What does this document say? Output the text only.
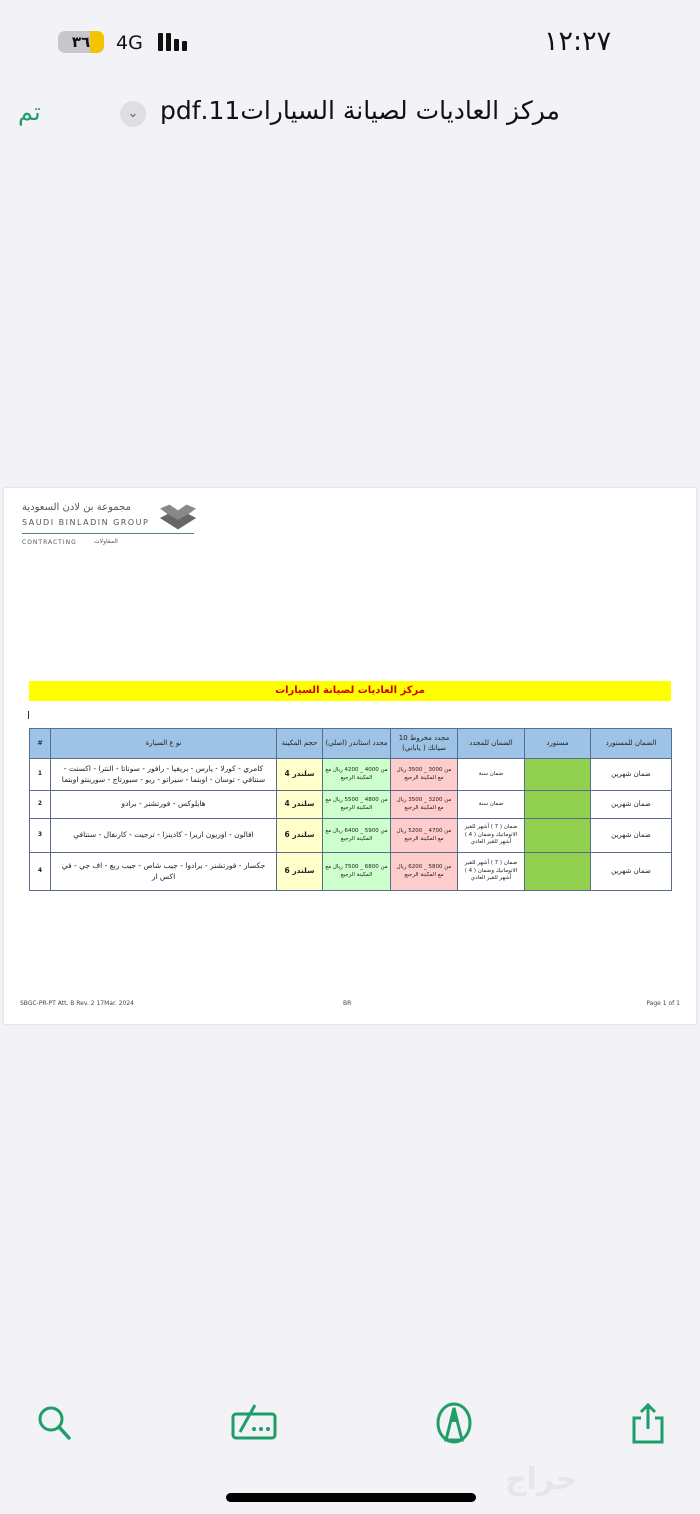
٣٦	4G	١٢:٢٧
تم	⌄ مركز العاديات لصيانة السيارات11.pdf
مجموعة بن لادن السعودية
SAUDI BINLADIN GROUP
CONTRACTING	المقاولات
مركز العاديات لصيانة السيارات
#	نو ع السيارة	حجم المكينة	مجدد استاندر (اصلي)	مجدد مخروط 10 سيانك ( ياباني)	الضمان للمجدد	مستورد	الضمان للمستورد
1	كامري - كورلا - يارس - بريفيا - رافور - سوناتا - النترا - اكسنت - سنتافي - توسان - اوبتما - سيراتو - ريو - سبورتاج - سورينتو اوبتما	سلندر 4	من 4000 _ 4200 ريال مع المكينة الرجيع	من 3000 _ 3500 ريال مع المكينة الرجيع	ضمان سنة		ضمان شهرين
2	هايلوكس - فورتشنر - برادو	سلندر 4	من 4800 _ 5500 ريال مع المكينة الرجيع	من 3200 _ 3500 ريال مع المكينة الرجيع	ضمان سنة		ضمان شهرين
3	افالون - اوريون ازيرا - كادينزا - ترجيت - كارنفال - سنتافي	سلندر 6	من 5900 _ 6400 ريال مع المكينة الرجيع	من 4700 _ 5200 ريال مع المكينة الرجيع	ضمان ( 7 ) أشهر للقير الاتوماتيك وضمان ( 4 ) أشهر للقير العادي		ضمان شهرين
4	جكسار - فورتشنر - برادوا - جيب شاص - جيب ربع - اف جي - في اكس ار	سلندر 6	من 6800 _ 7500 ريال مع المكينة الرجيع	من 5800 _ 6200 ريال مع المكينة الرجيع	ضمان ( 7 ) أشهر للقير الاتوماتيك وضمان ( 4 ) أشهر للقير العادي		ضمان شهرين
SBGC-PR-PT Att. B Rev. 2 17Mar. 2024	BR	Page 1 of 1
حراج
